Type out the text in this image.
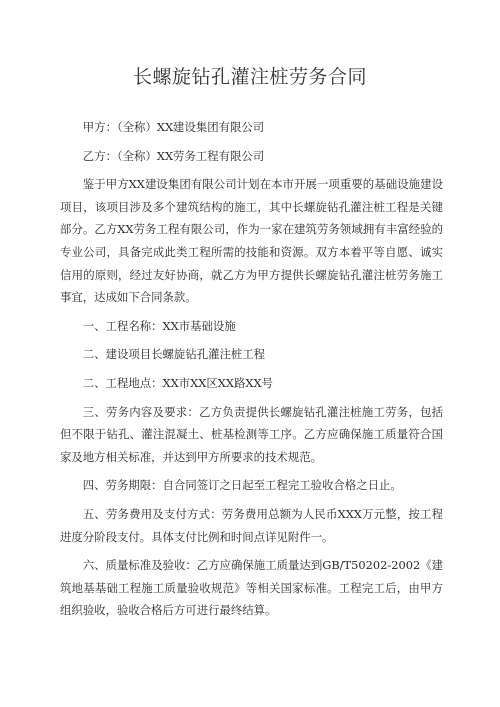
长螺旋钻孔灌注桩劳务合同

甲方：（全称）XX建设集团有限公司

乙方：（全称）XX劳务工程有限公司

鉴于甲方XX建设集团有限公司计划在本市开展一项重要的基础设施建设项目，该项目涉及多个建筑结构的施工，其中长螺旋钻孔灌注桩工程是关键部分。乙方XX劳务工程有限公司，作为一家在建筑劳务领域拥有丰富经验的专业公司，具备完成此类工程所需的技能和资源。双方本着平等自愿、诚实信用的原则，经过友好协商，就乙方为甲方提供长螺旋钻孔灌注桩劳务施工事宜，达成如下合同条款。

一、工程名称：XX市基础设施

二、建设项目长螺旋钻孔灌注桩工程

二、工程地点：XX市XX区XX路XX号

三、劳务内容及要求：乙方负责提供长螺旋钻孔灌注桩施工劳务，包括但不限于钻孔、灌注混凝土、桩基检测等工序。乙方应确保施工质量符合国家及地方相关标准，并达到甲方所要求的技术规范。

四、劳务期限：自合同签订之日起至工程完工验收合格之日止。

五、劳务费用及支付方式：劳务费用总额为人民币XXX万元整，按工程进度分阶段支付。具体支付比例和时间点详见附件一。

六、质量标准及验收：乙方应确保施工质量达到GB/T50202-2002《建筑地基基础工程施工质量验收规范》等相关国家标准。工程完工后，由甲方组织验收，验收合格后方可进行最终结算。
